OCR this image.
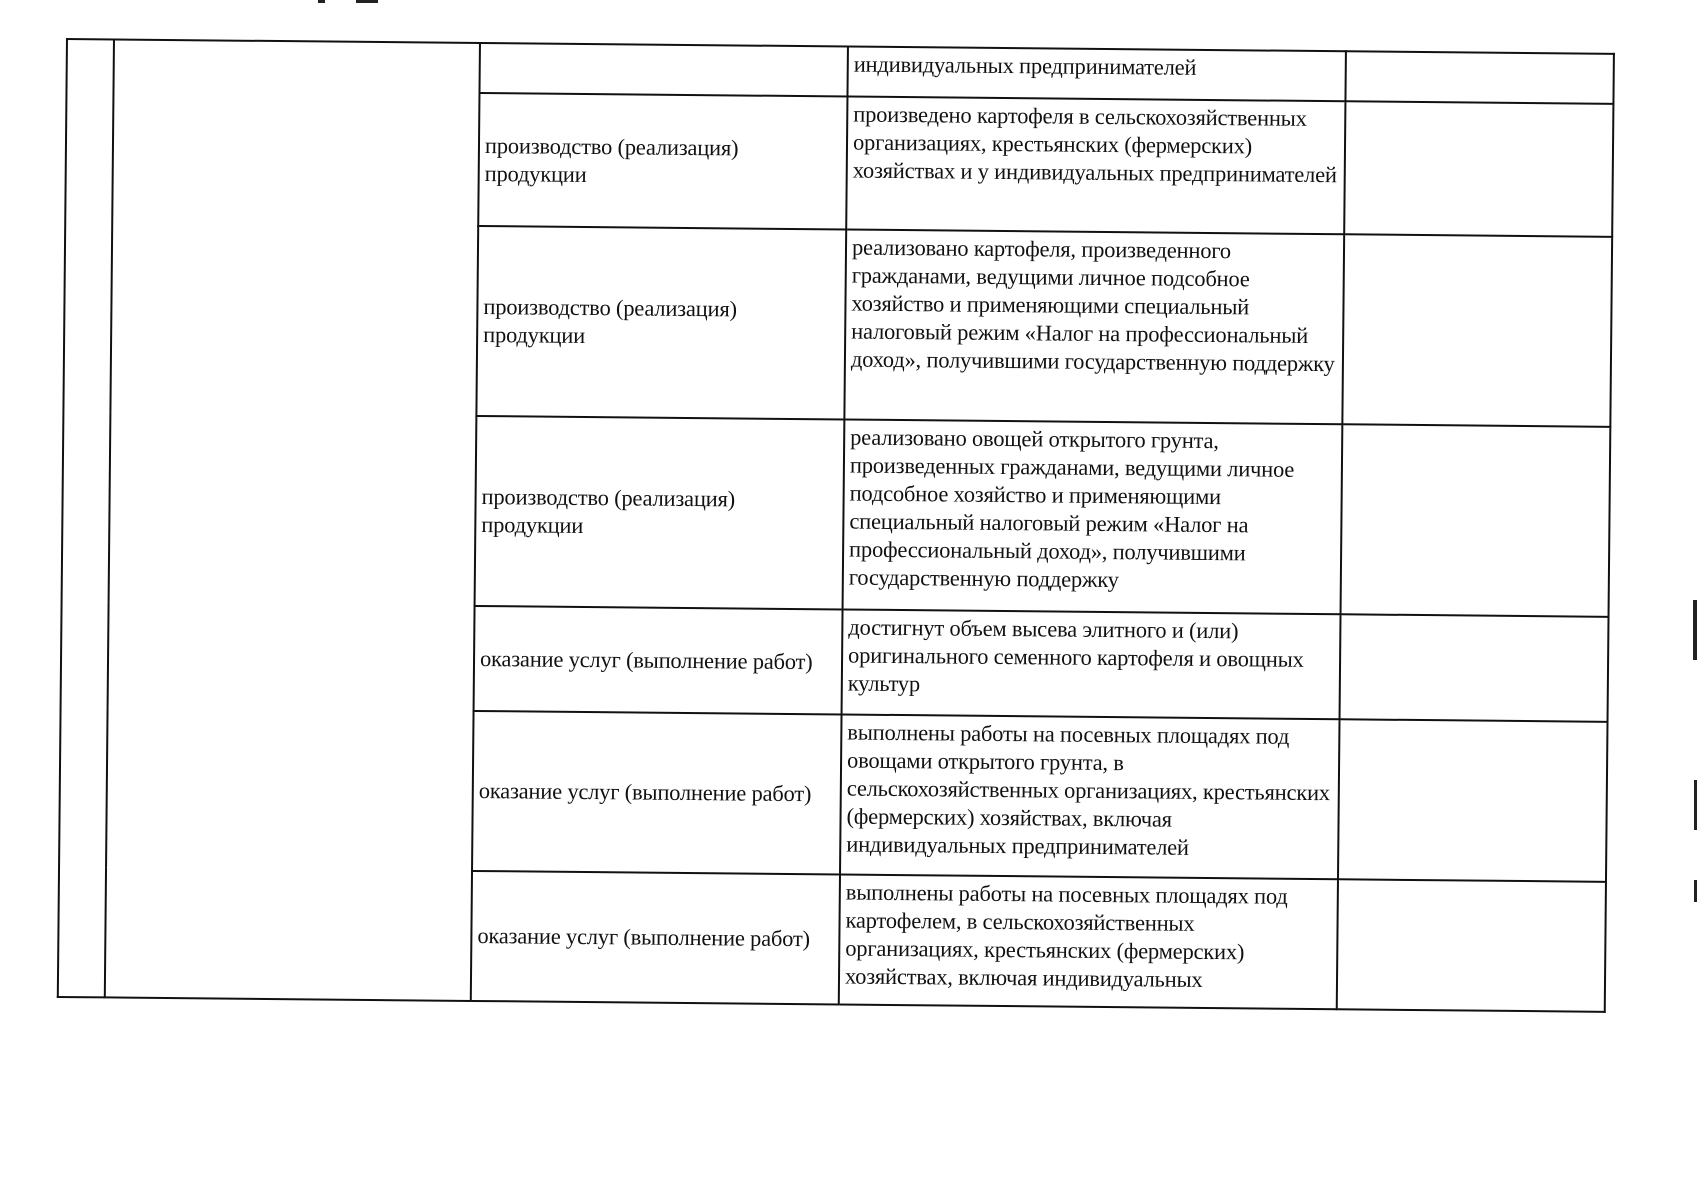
			индивидуальных предпринимателей	
		производство (реализация) продукции	произведено картофеля в сельскохозяйственных организациях, крестьянских (фермерских) хозяйствах и у индивидуальных предпринимателей	
		производство (реализация) продукции	реализовано картофеля, произведенного гражданами, ведущими личное подсобное хозяйство и применяющими специальный налоговый режим «Налог на профессиональный доход», получившими государственную поддержку	
		производство (реализация) продукции	реализовано овощей открытого грунта, произведенных гражданами, ведущими личное подсобное хозяйство и применяющими специальный налоговый режим «Налог на профессиональный доход», получившими государственную поддержку	
		оказание услуг (выполнение работ)	достигнут объем высева элитного и (или) оригинального семенного картофеля и овощных культур	
		оказание услуг (выполнение работ)	выполнены работы на посевных площадях под овощами открытого грунта, в сельскохозяйственных организациях, крестьянских (фермерских) хозяйствах, включая индивидуальных предпринимателей	
		оказание услуг (выполнение работ)	выполнены работы на посевных площадях под картофелем, в сельскохозяйственных организациях, крестьянских (фермерских) хозяйствах, включая индивидуальных	
